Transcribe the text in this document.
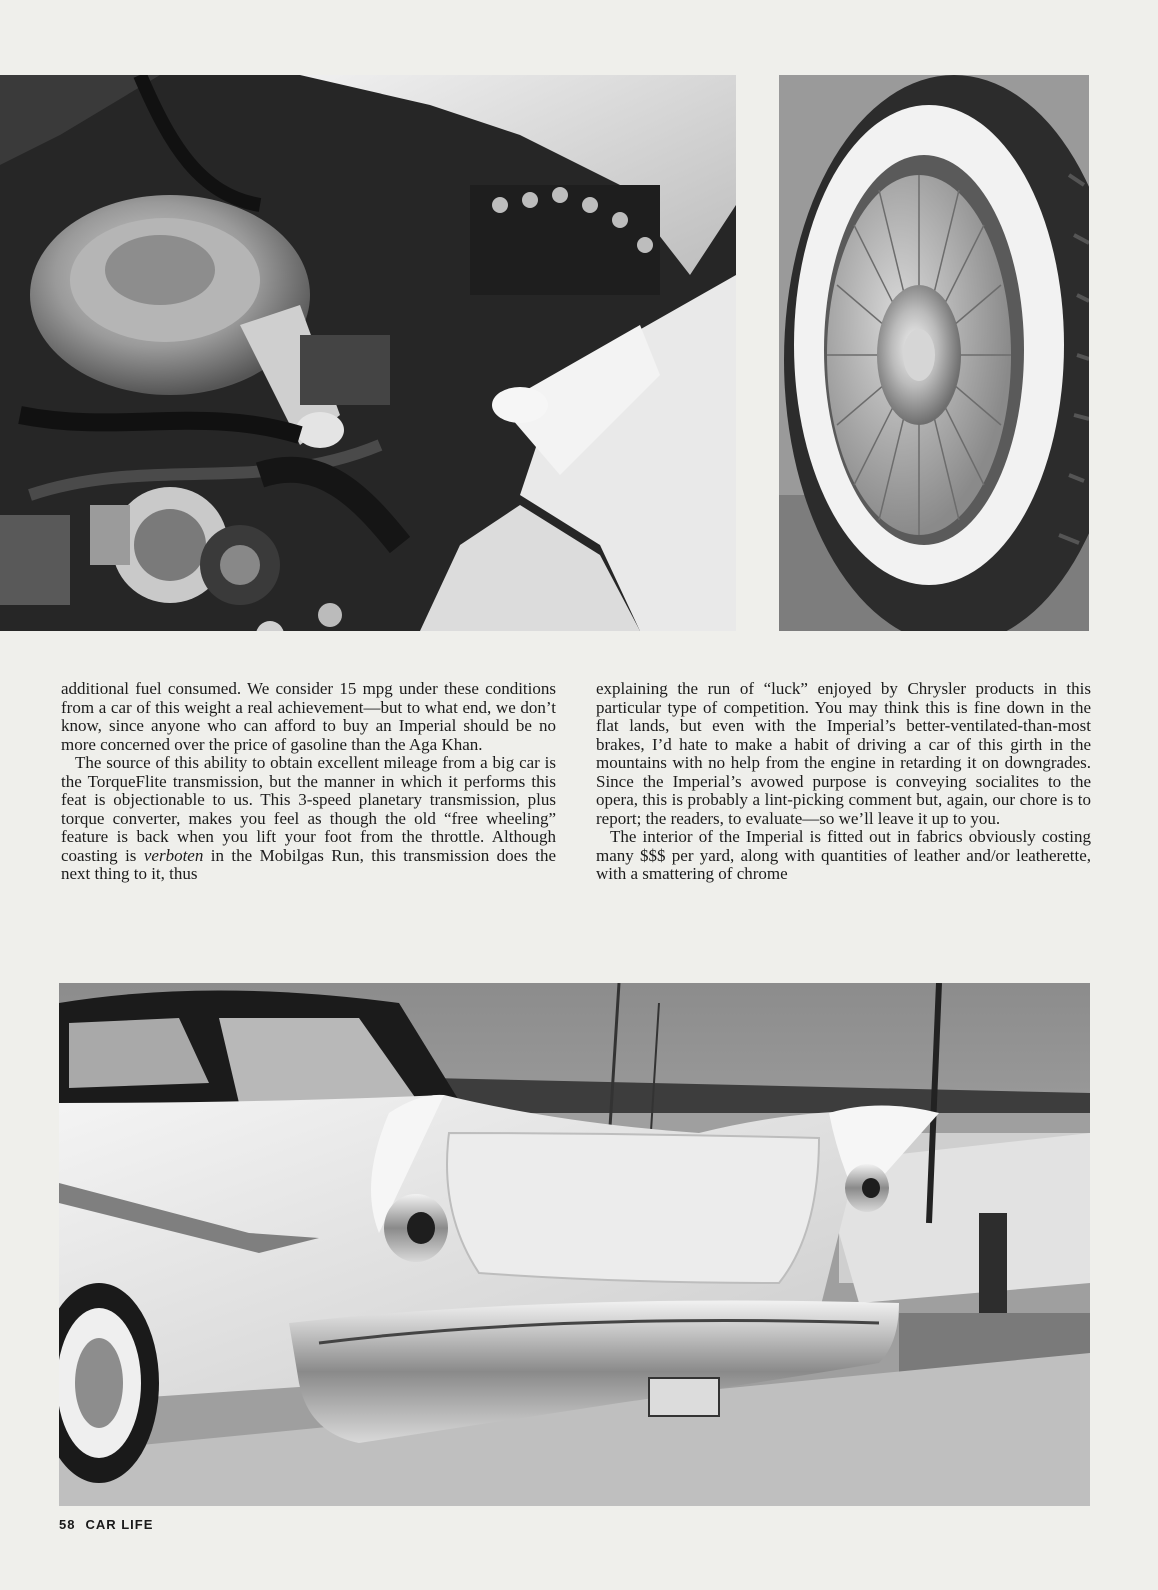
additional fuel consumed. We consider 15 mpg under these conditions from a car of this weight a real achievement—but to what end, we don’t know, since anyone who can afford to buy an Imperial should be no more concerned over the price of gasoline than the Aga Khan.

The source of this ability to obtain excellent mileage from a big car is the TorqueFlite transmission, but the manner in which it performs this feat is objectionable to us. This 3-speed planetary transmission, plus torque converter, makes you feel as though the old “free wheeling” feature is back when you lift your foot from the throttle. Although coasting is verboten in the Mobilgas Run, this transmission does the next thing to it, thus

explaining the run of “luck” enjoyed by Chrysler products in this particular type of competition. You may think this is fine down in the flat lands, but even with the Imperial’s better-ventilated-than-most brakes, I’d hate to make a habit of driving a car of this girth in the mountains with no help from the engine in retarding it on downgrades. Since the Imperial’s avowed purpose is conveying socialites to the opera, this is probably a lint-picking comment but, again, our chore is to report; the readers, to evaluate—so we’ll leave it up to you.

The interior of the Imperial is fitted out in fabrics obviously costing many $$$ per yard, along with quantities of leather and/or leatherette, with a smattering of chrome

58 CAR LIFE
